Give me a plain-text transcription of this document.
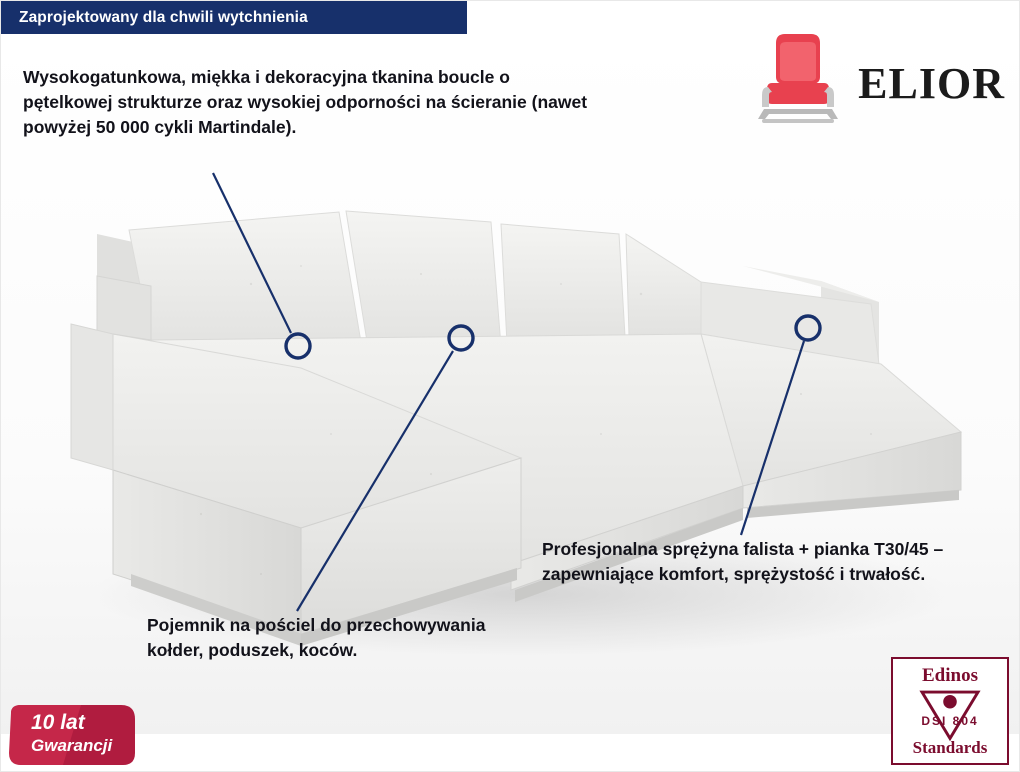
Zaprojektowany dla chwili wytchnienia
ELIOR
Wysokogatunkowa, miękka i dekoracyjna tkanina boucle o pętelkowej strukturze oraz wysokiej odporności na ścieranie (nawet powyżej 50 000 cykli Martindale).
Profesjonalna sprężyna falista + pianka T30/45 – zapewniające komfort, sprężystość i trwałość.
Pojemnik na pościel do przechowywania kołder, poduszek, koców.
10 lat
Gwarancji
Edinos
DSI 804
Standards
